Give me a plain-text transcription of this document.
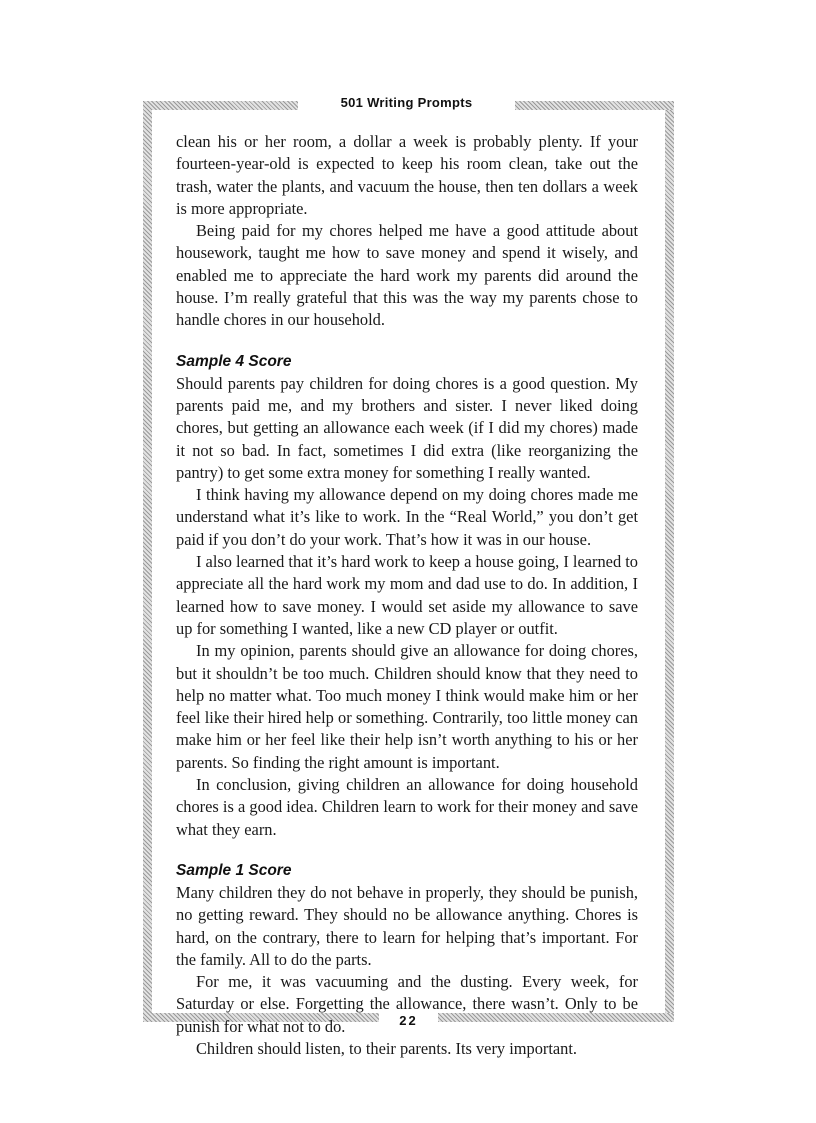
501 Writing Prompts

clean his or her room, a dollar a week is probably plenty. If your fourteen-year-old is expected to keep his room clean, take out the trash, water the plants, and vacuum the house, then ten dollars a week is more appropriate.

Being paid for my chores helped me have a good attitude about housework, taught me how to save money and spend it wisely, and enabled me to appreciate the hard work my parents did around the house. I’m really grateful that this was the way my parents chose to handle chores in our household.

Sample 4 Score

Should parents pay children for doing chores is a good question. My parents paid me, and my brothers and sister. I never liked doing chores, but getting an allowance each week (if I did my chores) made it not so bad. In fact, sometimes I did extra (like reorganizing the pantry) to get some extra money for something I really wanted.

I think having my allowance depend on my doing chores made me understand what it’s like to work. In the “Real World,” you don’t get paid if you don’t do your work. That’s how it was in our house.

I also learned that it’s hard work to keep a house going, I learned to appreciate all the hard work my mom and dad use to do. In addition, I learned how to save money. I would set aside my allowance to save up for something I wanted, like a new CD player or outfit.

In my opinion, parents should give an allowance for doing chores, but it shouldn’t be too much. Children should know that they need to help no matter what. Too much money I think would make him or her feel like their hired help or something. Contrarily, too little money can make him or her feel like their help isn’t worth anything to his or her parents. So finding the right amount is important.

In conclusion, giving children an allowance for doing household chores is a good idea. Children learn to work for their money and save what they earn.

Sample 1 Score

Many children they do not behave in properly, they should be punish, no getting reward. They should no be allowance anything. Chores is hard, on the contrary, there to learn for helping that’s important. For the family. All to do the parts.

For me, it was vacuuming and the dusting. Every week, for Saturday or else. Forgetting the allowance, there wasn’t. Only to be punish for what not to do.

Children should listen, to their parents. Its very important.

22
